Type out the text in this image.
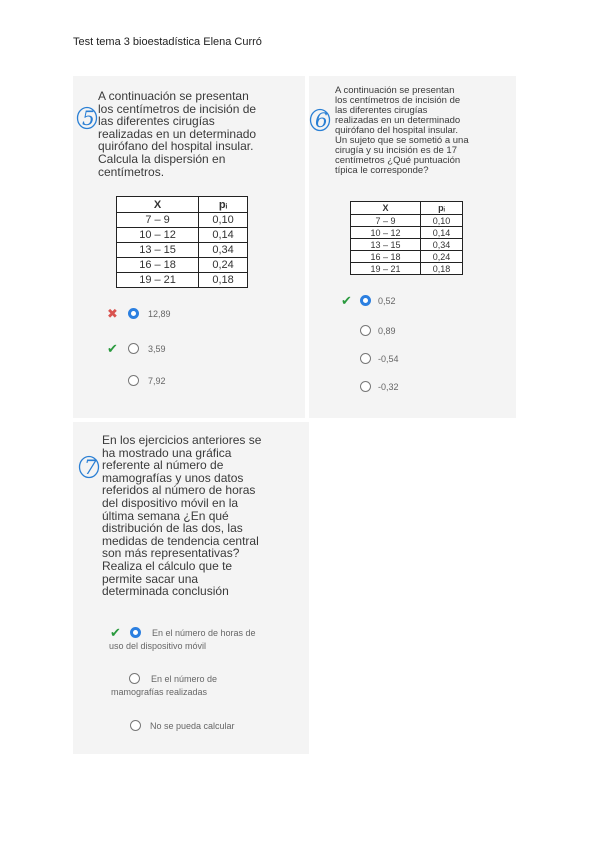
Test tema 3 bioestadística Elena Curró
5
A continuación se presentan
los centímetros de incisión de
las diferentes cirugías
realizadas en un determinado
quirófano del hospital insular.
Calcula la dispersión en
centímetros.
X	pᵢ
7 – 9	0,10
10 – 12	0,14
13 – 15	0,34
16 – 18	0,24
19 – 21	0,18
✖	12,89
✔	3,59
7,92
6
A continuación se presentan
los centímetros de incisión de
las diferentes cirugías
realizadas en un determinado
quirófano del hospital insular.
Un sujeto que se sometió a una
cirugía y su incisión es de 17
centímetros ¿Qué puntuación
típica le corresponde?
X	pᵢ
7 – 9	0,10
10 – 12	0,14
13 – 15	0,34
16 – 18	0,24
19 – 21	0,18
✔	0,52
0,89
-0,54
-0,32
7
En los ejercicios anteriores se
ha mostrado una gráfica
referente al número de
mamografías y unos datos
referidos al número de horas
del dispositivo móvil en la
última semana ¿En qué
distribución de las dos, las
medidas de tendencia central
son más representativas?
Realiza el cálculo que te
permite sacar una
determinada conclusión
✔	En el número de horas de
uso del dispositivo móvil
En el número de
mamografías realizadas
No se pueda calcular
